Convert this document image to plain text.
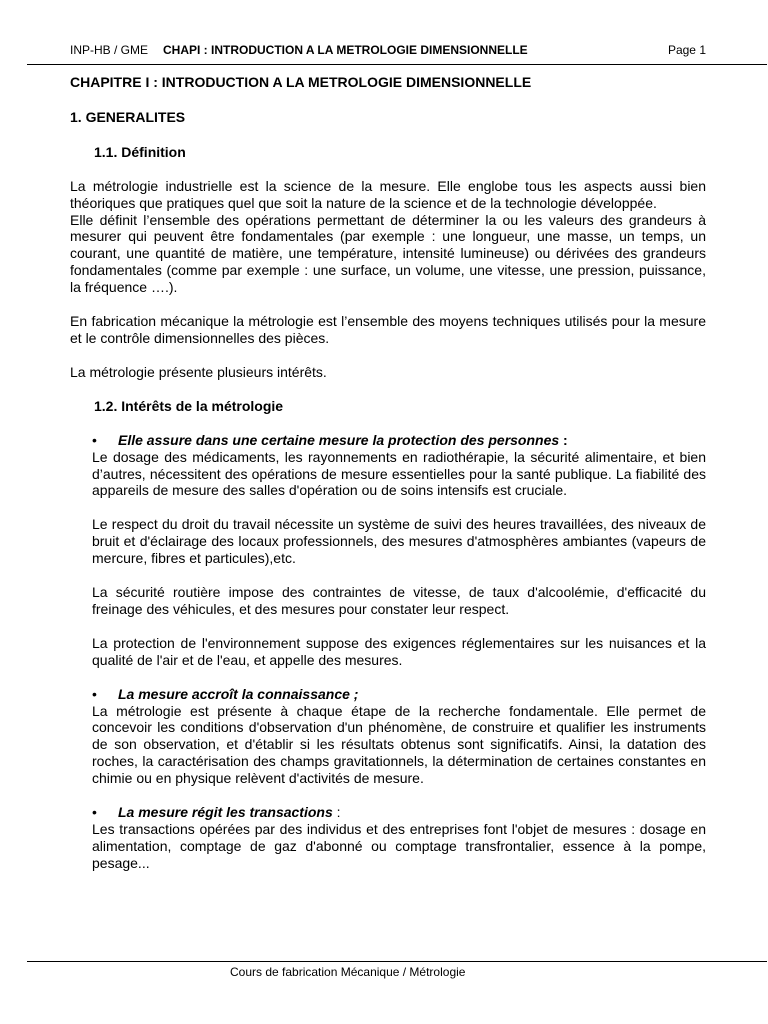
INP-HB / GME CHAPI : INTRODUCTION A LA METROLOGIE DIMENSIONNELLE	Page 1
CHAPITRE I : INTRODUCTION A LA METROLOGIE DIMENSIONNELLE
1. GENERALITES
1.1. Définition
La métrologie industrielle est la science de la mesure. Elle englobe tous les aspects aussi bien théoriques que pratiques quel que soit la nature de la science et de la technologie développée.
Elle définit l’ensemble des opérations permettant de déterminer la ou les valeurs des grandeurs à mesurer qui peuvent être fondamentales (par exemple : une longueur, une masse, un temps, un courant, une quantité de matière, une température, intensité lumineuse) ou dérivées des grandeurs fondamentales (comme par exemple : une surface, un volume, une vitesse, une pression, puissance, la fréquence ….).
En fabrication mécanique la métrologie est l’ensemble des moyens techniques utilisés pour la mesure et le contrôle dimensionnelles des pièces.
La métrologie présente plusieurs intérêts.
1.2. Intérêts de la métrologie
• Elle assure dans une certaine mesure la protection des personnes :
Le dosage des médicaments, les rayonnements en radiothérapie, la sécurité alimentaire, et bien d’autres, nécessitent des opérations de mesure essentielles pour la santé publique. La fiabilité des appareils de mesure des salles d'opération ou de soins intensifs est cruciale.
Le respect du droit du travail nécessite un système de suivi des heures travaillées, des niveaux de bruit et d'éclairage des locaux professionnels, des mesures d'atmosphères ambiantes (vapeurs de mercure, fibres et particules),etc.
La sécurité routière impose des contraintes de vitesse, de taux d'alcoolémie, d'efficacité du freinage des véhicules, et des mesures pour constater leur respect.
La protection de l'environnement suppose des exigences réglementaires sur les nuisances et la qualité de l'air et de l'eau, et appelle des mesures.
• La mesure accroît la connaissance ;
La métrologie est présente à chaque étape de la recherche fondamentale. Elle permet de concevoir les conditions d'observation d'un phénomène, de construire et qualifier les instruments de son observation, et d'établir si les résultats obtenus sont significatifs. Ainsi, la datation des roches, la caractérisation des champs gravitationnels, la détermination de certaines constantes en chimie ou en physique relèvent d'activités de mesure.
• La mesure régit les transactions :
Les transactions opérées par des individus et des entreprises font l'objet de mesures : dosage en alimentation, comptage de gaz d'abonné ou comptage transfrontalier, essence à la pompe, pesage...
Cours de fabrication Mécanique / Métrologie
